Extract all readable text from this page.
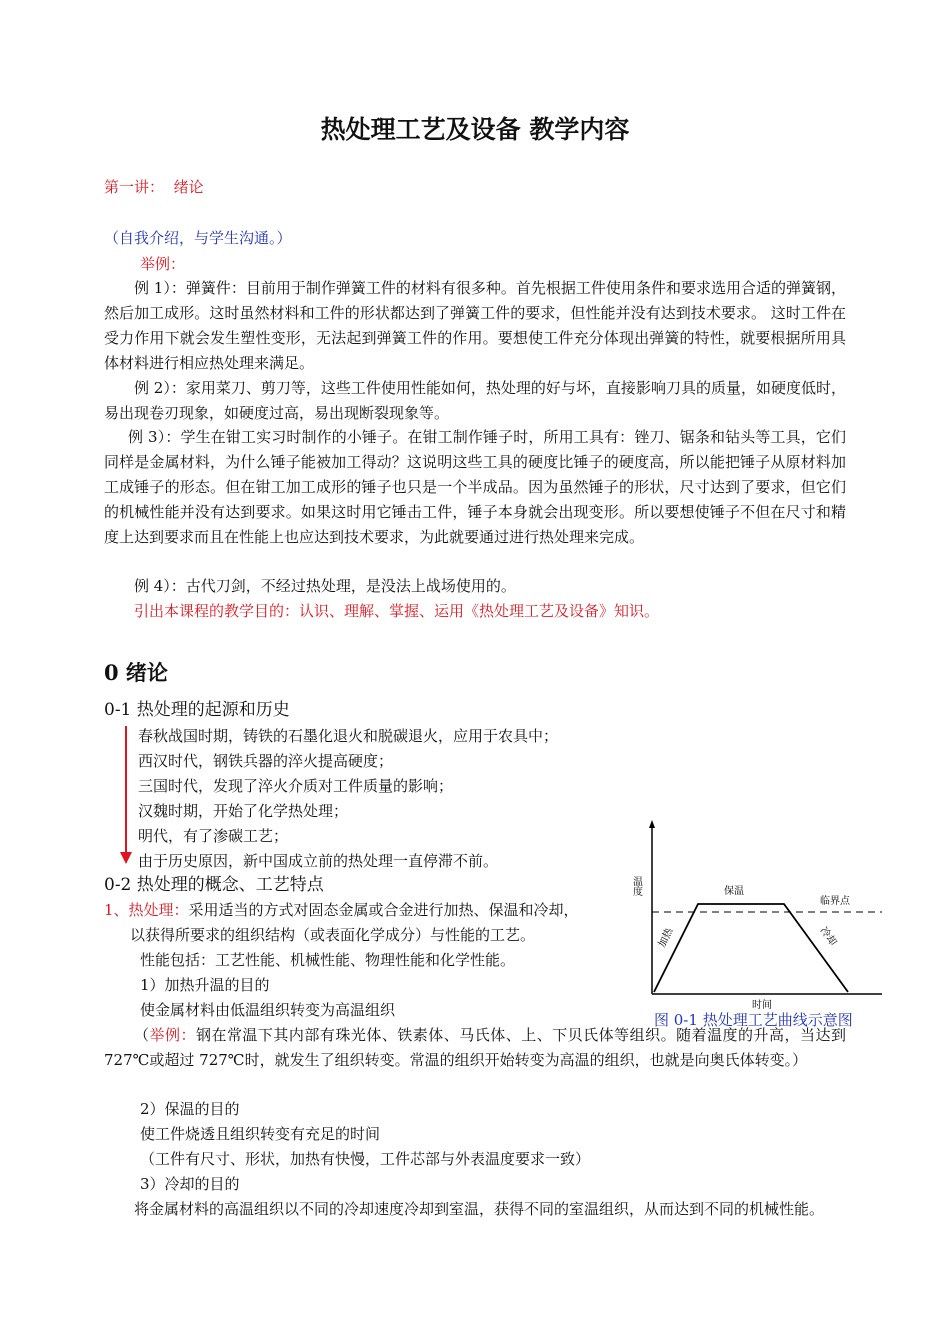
热处理工艺及设备 教学内容
第一讲： 绪论
（自我介绍，与学生沟通。）
举例：
例 1）：弹簧件：目前用于制作弹簧工件的材料有很多种。首先根据工件使用条件和要求选用合适的弹簧钢，然后加工成形。这时虽然材料和工件的形状都达到了弹簧工件的要求，但性能并没有达到技术要求。 这时工件在受力作用下就会发生塑性变形，无法起到弹簧工件的作用。要想使工件充分体现出弹簧的特性，就要根据所用具体材料进行相应热处理来满足。
例 2）：家用菜刀、剪刀等，这些工件使用性能如何，热处理的好与坏，直接影响刀具的质量，如硬度低时，易出现卷刃现象，如硬度过高，易出现断裂现象等。
例 3）：学生在钳工实习时制作的小锤子。在钳工制作锤子时，所用工具有：锉刀、锯条和钻头等工具，它们同样是金属材料，为什么锤子能被加工得动？这说明这些工具的硬度比锤子的硬度高，所以能把锤子从原材料加工成锤子的形态。但在钳工加工成形的锤子也只是一个半成品。因为虽然锤子的形状，尺寸达到了要求，但它们的机械性能并没有达到要求。如果这时用它锤击工件，锤子本身就会出现变形。所以要想使锤子不但在尺寸和精度上达到要求而且在性能上也应达到技术要求，为此就要通过进行热处理来完成。
例 4）：古代刀剑，不经过热处理，是没法上战场使用的。
引出本课程的教学目的：认识、理解、掌握、运用《热处理工艺及设备》知识。
0 绪论
0-1 热处理的起源和历史
春秋战国时期，铸铁的石墨化退火和脱碳退火，应用于农具中；
西汉时代，钢铁兵器的淬火提高硬度；
三国时代，发现了淬火介质对工件质量的影响；
汉魏时期，开始了化学热处理；
明代，有了渗碳工艺；
由于历史原因，新中国成立前的热处理一直停滞不前。
0-2 热处理的概念、工艺特点
1、热处理：采用适当的方式对固态金属或合金进行加热、保温和冷却，
以获得所要求的组织结构（或表面化学成分）与性能的工艺。
性能包括：工艺性能、机械性能、物理性能和化学性能。
1）加热升温的目的
使金属材料由低温组织转变为高温组织
（举例：钢在常温下其内部有珠光体、铁素体、马氏体、上、下贝氏体等组织。随着温度的升高，当达到 727℃或超过 727℃时，就发生了组织转变。常温的组织开始转变为高温的组织，也就是向奥氏体转变。）
2）保温的目的
使工件烧透且组织转变有充足的时间
（工件有尺寸、形状，加热有快慢，工件芯部与外表温度要求一致）
3）冷却的目的
将金属材料的高温组织以不同的冷却速度冷却到室温，获得不同的室温组织，从而达到不同的机械性能。
温度
时间
保温
临界点
加热	冷却
图 0-1 热处理工艺曲线示意图
